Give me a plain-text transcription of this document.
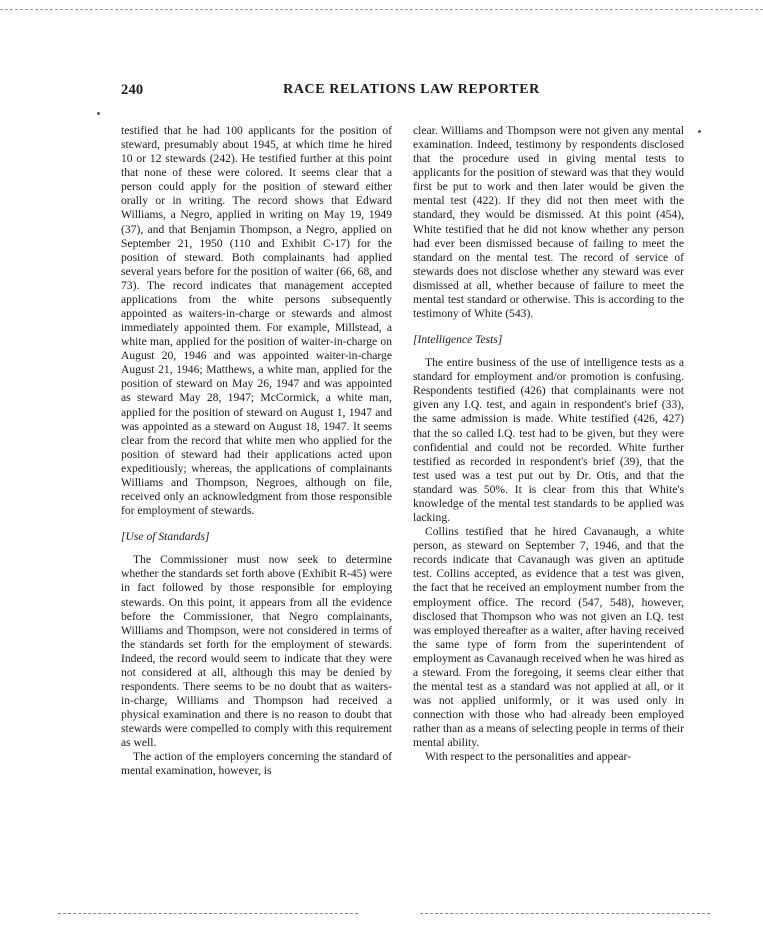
240	RACE RELATIONS LAW REPORTER

testified that he had 100 applicants for the position of steward, presumably about 1945, at which time he hired 10 or 12 stewards (242). He testified further at this point that none of these were colored. It seems clear that a person could apply for the position of steward either orally or in writing. The record shows that Edward Williams, a Negro, applied in writing on May 19, 1949 (37), and that Benjamin Thompson, a Negro, applied on September 21, 1950 (110 and Exhibit C-17) for the position of steward. Both complainants had applied several years before for the position of waiter (66, 68, and 73). The record indicates that management accepted applications from the white persons subsequently appointed as waiters-in-charge or stewards and almost immediately appointed them. For example, Millstead, a white man, applied for the position of waiter-in-charge on August 20, 1946 and was appointed waiter-in-charge August 21, 1946; Matthews, a white man, applied for the position of steward on May 26, 1947 and was appointed as steward May 28, 1947; McCormick, a white man, applied for the position of steward on August 1, 1947 and was appointed as a steward on August 18, 1947. It seems clear from the record that white men who applied for the position of steward had their applications acted upon expeditiously; whereas, the applications of complainants Williams and Thompson, Negroes, although on file, received only an acknowledgment from those responsible for employment of stewards.

[Use of Standards]

The Commissioner must now seek to determine whether the standards set forth above (Exhibit R-45) were in fact followed by those responsible for employing stewards. On this point, it appears from all the evidence before the Commissioner, that Negro complainants, Williams and Thompson, were not considered in terms of the standards set forth for the employment of stewards. Indeed, the record would seem to indicate that they were not considered at all, although this may be denied by respondents. There seems to be no doubt that as waiters-in-charge, Williams and Thompson had received a physical examination and there is no reason to doubt that stewards were compelled to comply with this requirement as well.

The action of the employers concerning the standard of mental examination, however, is

clear. Williams and Thompson were not given any mental examination. Indeed, testimony by respondents disclosed that the procedure used in giving mental tests to applicants for the position of steward was that they would first be put to work and then later would be given the mental test (422). If they did not then meet with the standard, they would be dismissed. At this point (454), White testified that he did not know whether any person had ever been dismissed because of failing to meet the standard on the mental test. The record of service of stewards does not disclose whether any steward was ever dismissed at all, whether because of failure to meet the mental test standard or otherwise. This is according to the testimony of White (543).

[Intelligence Tests]

The entire business of the use of intelligence tests as a standard for employment and/or promotion is confusing. Respondents testified (426) that complainants were not given any I.Q. test, and again in respondent's brief (33), the same admission is made. White testified (426, 427) that the so called I.Q. test had to be given, but they were confidential and could not be recorded. White further testified as recorded in respondent's brief (39), that the test used was a test put out by Dr. Otis, and that the standard was 50%. It is clear from this that White's knowledge of the mental test standards to be applied was lacking.

Collins testified that he hired Cavanaugh, a white person, as steward on September 7, 1946, and that the records indicate that Cavanaugh was given an aptitude test. Collins accepted, as evidence that a test was given, the fact that he received an employment number from the employment office. The record (547, 548), however, disclosed that Thompson who was not given an I.Q. test was employed thereafter as a waiter, after having received the same type of form from the superintendent of employment as Cavanaugh received when he was hired as a steward. From the foregoing, it seems clear either that the mental test as a standard was not applied at all, or it was not applied uniformly, or it was used only in connection with those who had already been employed rather than as a means of selecting people in terms of their mental ability.

With respect to the personalities and appear-
